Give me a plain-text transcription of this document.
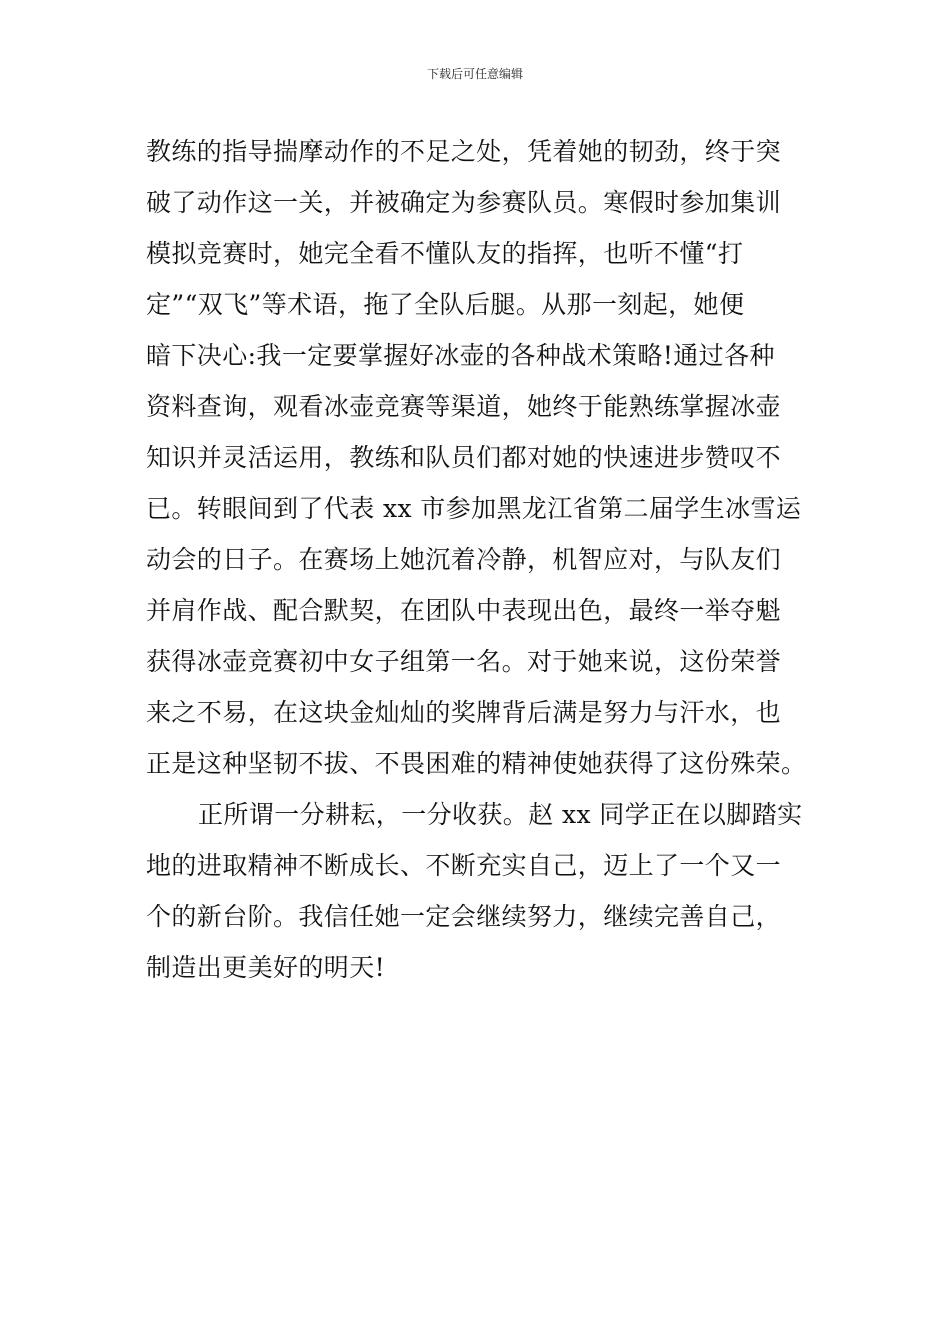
下载后可任意编辑
教练的指导揣摩动作的不足之处，凭着她的韧劲，终于突
破了动作这一关，并被确定为参赛队员。寒假时参加集训
模拟竞赛时，她完全看不懂队友的指挥，也听不懂“打
定”“双飞”等术语，拖了全队后腿。从那一刻起，她便
暗下决心:我一定要掌握好冰壶的各种战术策略!通过各种
资料查询，观看冰壶竞赛等渠道，她终于能熟练掌握冰壶
知识并灵活运用，教练和队员们都对她的快速进步赞叹不
已。转眼间到了代表 xx 市参加黑龙江省第二届学生冰雪运
动会的日子。在赛场上她沉着冷静，机智应对，与队友们
并肩作战、配合默契，在团队中表现出色，最终一举夺魁
获得冰壶竞赛初中女子组第一名。对于她来说，这份荣誉
来之不易，在这块金灿灿的奖牌背后满是努力与汗水，也
正是这种坚韧不拔、不畏困难的精神使她获得了这份殊荣。
正所谓一分耕耘，一分收获。赵 xx 同学正在以脚踏实
地的进取精神不断成长、不断充实自己，迈上了一个又一
个的新台阶。我信任她一定会继续努力，继续完善自己，
制造出更美好的明天!
